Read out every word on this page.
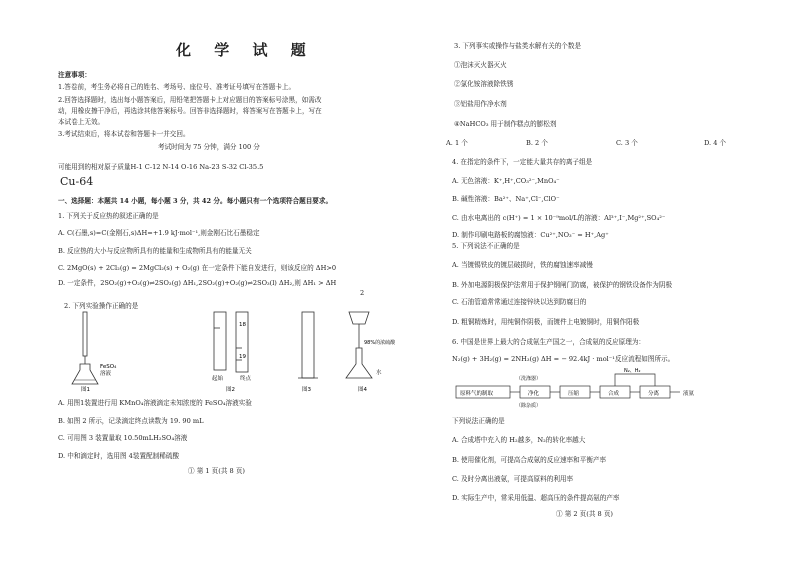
化 学 试 题
注意事项：
1.答卷前，考生务必将自己的姓名、考场号、座位号、准考证号填写在答题卡上。
2.回答选择题时，选出每小题答案后，用铅笔把答题卡上对应题目的答案标号涂黑，如需改
动，用橡皮擦干净后，再选涂其他答案标号。回答非选择题时，将答案写在答题卡上，写在
本试卷上无效。
3.考试结束后，将本试卷和答题卡一并交回。
考试时间为 75 分钟，满分 100 分
可能用到的相对原子质量H-1 C-12 N-14 O-16 Na-23 S-32 Cl-35.5
Cu-64
一、选择题：本题共 14 小题，每小题 3 分，共 42 分。每小题只有一个选项符合题目要求。
1. 下列关于反应热的叙述正确的是
A. C(石墨,s)=C(金刚石,s)ΔH=+1.9 kJ·mol⁻¹,则金刚石比石墨稳定
B. 反应热的大小与反应物所具有的能量和生成物所具有的能量无关
C. 2MgO(s) + 2Cl₂(g) = 2MgCl₂(s) + O₂(g) 在一定条件下能自发进行，则该反应的 ΔH>0
D. 一定条件，2SO₂(g)+O₂(g)⇌2SO₃(g) ΔH₁,2SO₂(g)+O₂(g)⇌2SO₃(l) ΔH₂,则 ΔH₁ > ΔH
2
2. 下列实验操作正确的是
FeSO₄
溶液
图1
18
19
起始	终点
图2	图3
98%的浓硫酸
水
图4
A. 用图1装置进行用 KMnO₄溶液滴定未知浓度的 FeSO₄溶液实验
B. 如图 2 所示，记录滴定终点读数为 19. 90 mL
C. 可用图 3 装置量取 10.50mLH₂SO₄溶液
D. 中和滴定时，选用图 4装置配制稀硫酸
① 第 1 页(共 8 页)
3. 下列事实或操作与盐类水解有关的个数是
①泡沫灭火器灭火
②氯化铵溶液除铁锈
③铝盐用作净水剂
④NaHCO₃ 用于制作糕点的膨松剂
A. 1 个	B. 2 个	C. 3 个	D. 4 个
4. 在指定的条件下，一定能大量共存的离子组是
A. 无色溶液：K⁺,H⁺,CO₃²⁻,MnO₄⁻
B. 碱性溶液：Ba²⁺、Na⁺,Cl⁻,ClO⁻
C. 由水电离出的 c(H⁺) = 1 × 10⁻⁹mol/L的溶液：Al³⁺,I⁻,Mg²⁺,SO₄²⁻
D. 制作印刷电路板的腐蚀液：Cu²⁺,NO₃⁻ = H⁺,Ag⁺
5. 下列说法不正确的是
A. 当镀锡铁皮的镀层破损时，铁的腐蚀速率减慢
B. 外加电源阴极保护法常用于保护钢闸门防腐，被保护的钢铁设备作为阴极
C. 石油管道常常通过连接锌块以达到防腐目的
D. 粗铜精炼时，用纯铜作阴极，而镀件上电镀铜时，用铜作阳极
6. 中国是世界上最大的合成氨生产国之一，合成氨的反应原理为：
N₂(g) + 3H₂(g) = 2NH₃(g) ΔH = − 92.4kJ · mol⁻¹反应流程如图所示。
N₂、H₂
（洗涤器）
（除杂质）
原料气的制取	净化	压缩	合成	分离	液氨
下列说法正确的是
A. 合成塔中充入的 H₂越多，N₂的转化率越大
B. 使用催化剂，可提高合成氨的反应速率和平衡产率
C. 及时分离出液氨，可提高原料的利用率
D. 实际生产中，常采用低温、超高压的条件提高氨的产率
① 第 2 页(共 8 页)
